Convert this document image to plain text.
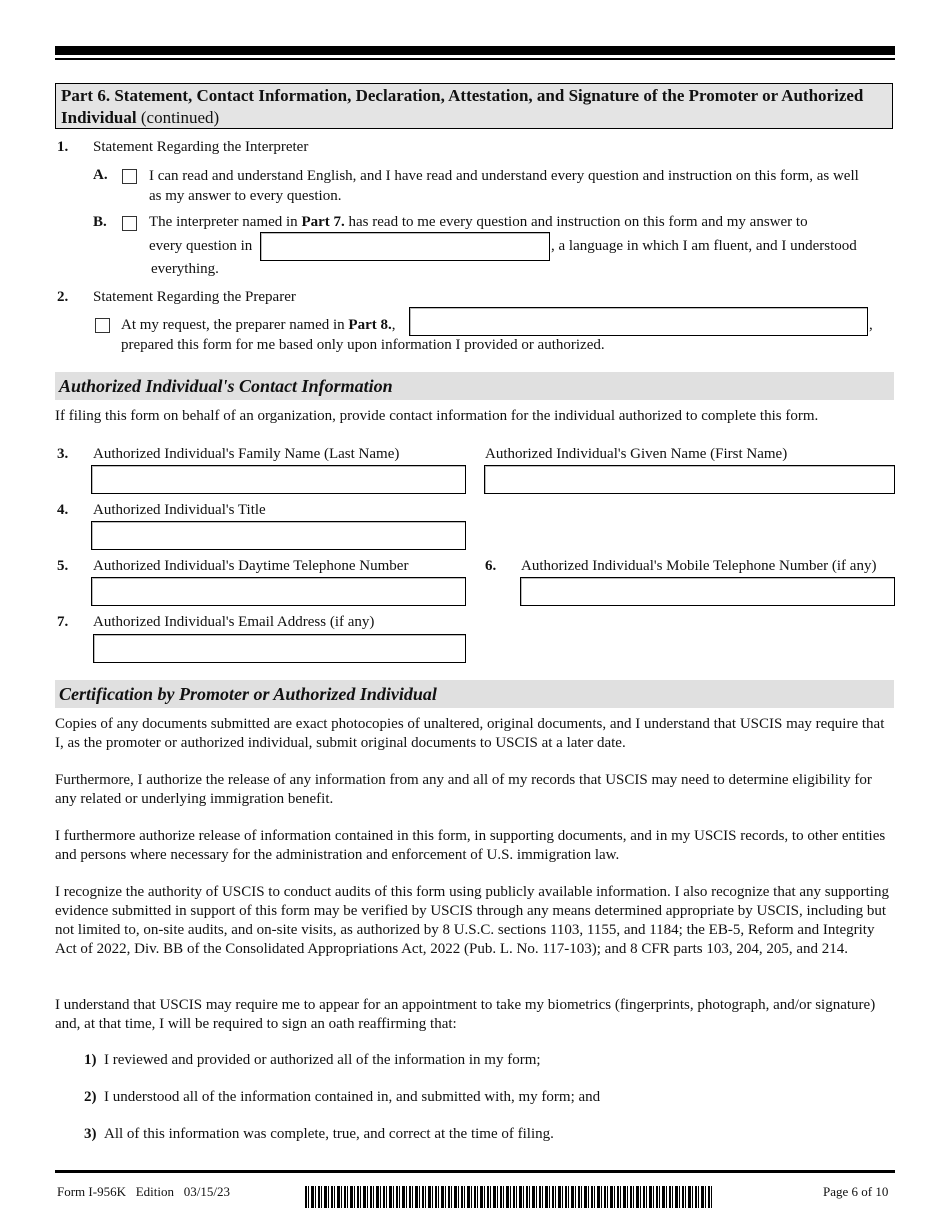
Part 6. Statement, Contact Information, Declaration, Attestation, and Signature of the Promoter or Authorized Individual (continued)
1. Statement Regarding the Interpreter
A.	I can read and understand English, and I have read and understand every question and instruction on this form, as well
as my answer to every question.
B.	The interpreter named in Part 7. has read to me every question and instruction on this form and my answer to
every question in	, a language in which I am fluent, and I understood
everything.
2. Statement Regarding the Preparer
At my request, the preparer named in Part 8.,	,
prepared this form for me based only upon information I provided or authorized.
Authorized Individual's Contact Information
If filing this form on behalf of an organization, provide contact information for the individual authorized to complete this form.
3. Authorized Individual's Family Name (Last Name)	Authorized Individual's Given Name (First Name)
4. Authorized Individual's Title
5. Authorized Individual's Daytime Telephone Number	6. Authorized Individual's Mobile Telephone Number (if any)
7. Authorized Individual's Email Address (if any)
Certification by Promoter or Authorized Individual
Copies of any documents submitted are exact photocopies of unaltered, original documents, and I understand that USCIS may require that I, as the promoter or authorized individual, submit original documents to USCIS at a later date.
Furthermore, I authorize the release of any information from any and all of my records that USCIS may need to determine eligibility for any related or underlying immigration benefit.
I furthermore authorize release of information contained in this form, in supporting documents, and in my USCIS records, to other entities and persons where necessary for the administration and enforcement of U.S. immigration law.
I recognize the authority of USCIS to conduct audits of this form using publicly available information. I also recognize that any supporting evidence submitted in support of this form may be verified by USCIS through any means determined appropriate by USCIS, including but not limited to, on-site audits, and on-site visits, as authorized by 8 U.S.C. sections 1103, 1155, and 1184; the EB-5, Reform and Integrity Act of 2022, Div. BB of the Consolidated Appropriations Act, 2022 (Pub. L. No. 117-103); and 8 CFR parts 103, 204, 205, and 214.
I understand that USCIS may require me to appear for an appointment to take my biometrics (fingerprints, photograph, and/or signature) and, at that time, I will be required to sign an oath reaffirming that:
1) I reviewed and provided or authorized all of the information in my form;
2) I understood all of the information contained in, and submitted with, my form; and
3) All of this information was complete, true, and correct at the time of filing.
Form I-956K   Edition   03/15/23	Page 6 of 10
